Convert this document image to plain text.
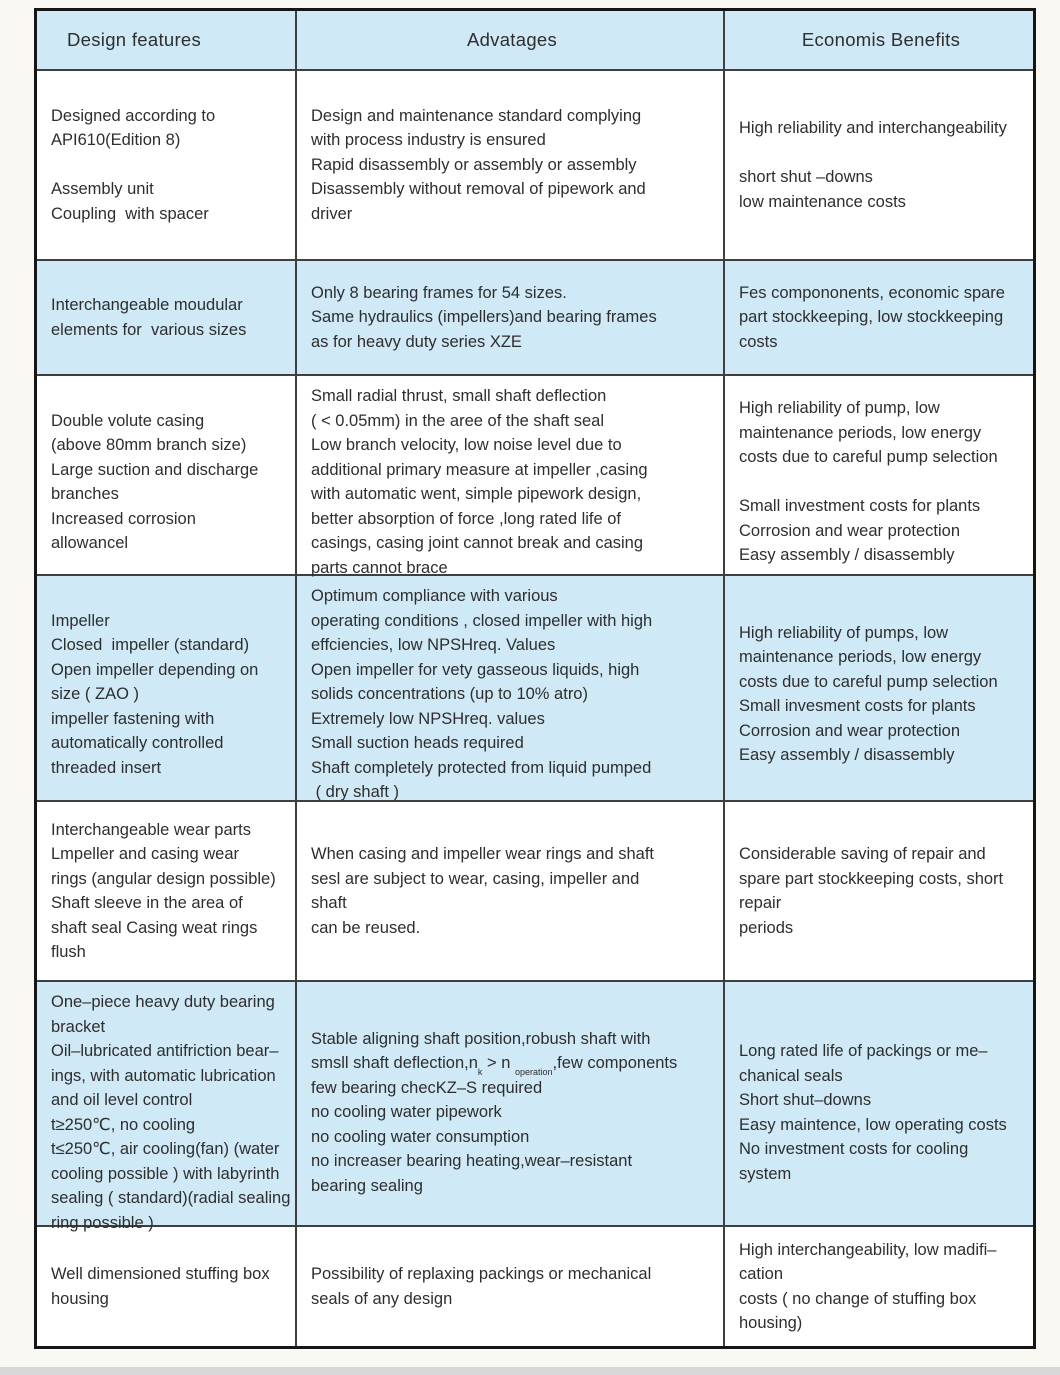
Design features	Advatages	Economis Benefits
Designed according to
API610(Edition 8)

Assembly unit
Coupling  with spacer
Design and maintenance standard complying
with process industry is ensured
Rapid disassembly or assembly or assembly
Disassembly without removal of pipework and
driver
High reliability and interchangeability

short shut –downs
low maintenance costs
Interchangeable moudular
elements for  various sizes
Only 8 bearing frames for 54 sizes.
Same hydraulics (impellers)and bearing frames
as for heavy duty series XZE
Fes compononents, economic spare
part stockkeeping, low stockkeeping
costs
Double volute casing
(above 80mm branch size)
Large suction and discharge
branches
Increased corrosion
allowancel
Small radial thrust, small shaft deflection
( < 0.05mm) in the aree of the shaft seal
Low branch velocity, low noise level due to
additional primary measure at impeller ,casing
with automatic went, simple pipework design,
better absorption of force ,long rated life of
casings, casing joint cannot break and casing
parts cannot brace
High reliability of pump, low
maintenance periods, low energy
costs due to careful pump selection

Small investment costs for plants
Corrosion and wear protection
Easy assembly / disassembly
Impeller
Closed  impeller (standard)
Open impeller depending on
size ( ZAO )
impeller fastening with
automatically controlled
threaded insert
Optimum compliance with various
operating conditions , closed impeller with high
effciencies, low NPSHreq. Values
Open impeller for vety gasseous liquids, high
solids concentrations (up to 10% atro)
Extremely low NPSHreq. values
Small suction heads required
Shaft completely protected from liquid pumped
( dry shaft )
High reliability of pumps, low
maintenance periods, low energy
costs due to careful pump selection
Small invesment costs for plants
Corrosion and wear protection
Easy assembly / disassembly
Interchangeable wear parts
Lmpeller and casing wear
rings (angular design possible)
Shaft sleeve in the area of
shaft seal Casing weat rings
flush
When casing and impeller wear rings and shaft
sesl are subject to wear, casing, impeller and
shaft
can be reused.
Considerable saving of repair and
spare part stockkeeping costs, short
repair
periods
One–piece heavy duty bearing
bracket
Oil–lubricated antifriction bear–
ings, with automatic lubrication
and oil level control
t≥250℃, no cooling
t≤250℃, air cooling(fan) (water
cooling possible ) with labyrinth
sealing ( standard)(radial sealing
ring possible )
Stable aligning shaft position,robush shaft with
smsll shaft $deflection,n_k > n$ $_{operation}$,few components
few bearing checKZ–S required
no cooling water pipework
no cooling water consumption
no increaser bearing heating,wear–resistant
bearing sealing
Long rated life of packings or me–
chanical seals
Short shut–downs
Easy maintence, low operating costs
No investment costs for cooling
system
Well dimensioned stuffing box
housing
Possibility of replaxing packings or mechanical
seals of any design
High interchangeability, low madifi–
cation
costs ( no change of stuffing box
housing)
